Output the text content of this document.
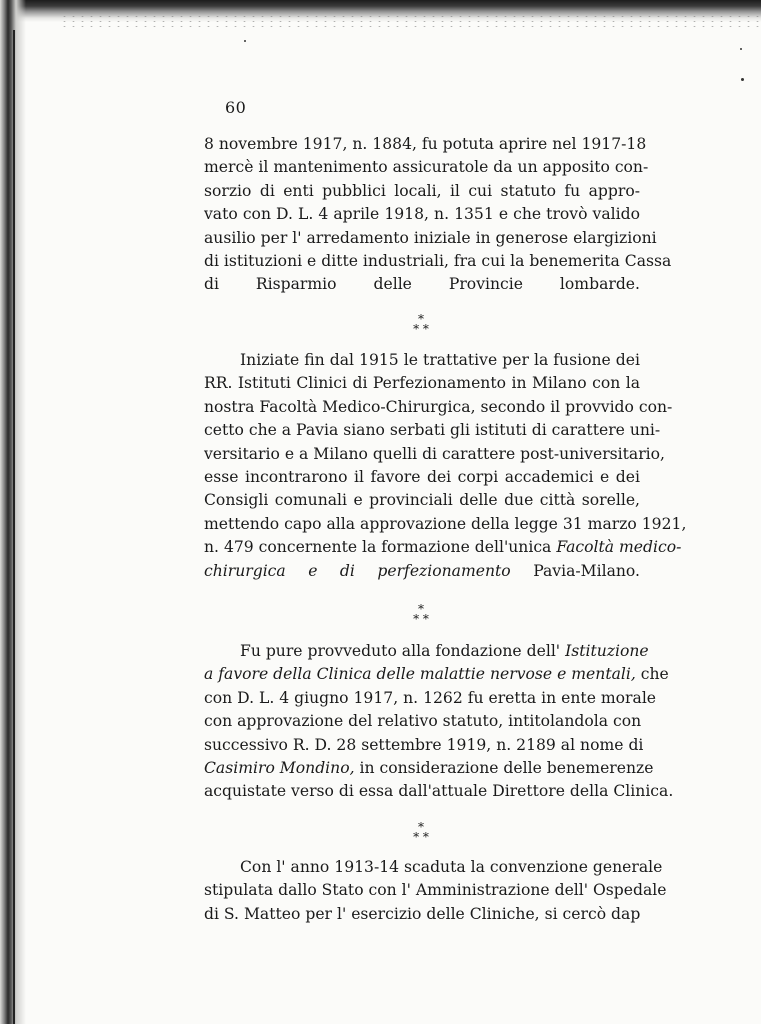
60
8 novembre 1917, n. 1884, fu potuta aprire nel 1917-18
mercè il mantenimento assicuratole da un apposito con-
sorzio di enti pubblici locali, il cui statuto fu appro-
vato con D. L. 4 aprile 1918, n. 1351 e che trovò valido
ausilio per l' arredamento iniziale in generose elargizioni
di istituzioni e ditte industriali, fra cui la benemerita Cassa
di Risparmio delle Provincie lombarde.
*
* *
Iniziate fin dal 1915 le trattative per la fusione dei
RR. Istituti Clinici di Perfezionamento in Milano con la
nostra Facoltà Medico-Chirurgica, secondo il provvido con-
cetto che a Pavia siano serbati gli istituti di carattere uni-
versitario e a Milano quelli di carattere post-universitario,
esse incontrarono il favore dei corpi accademici e dei
Consigli comunali e provinciali delle due città sorelle,
mettendo capo alla approvazione della legge 31 marzo 1921,
n. 479 concernente la formazione dell'unica Facoltà medico-
chirurgica e di perfezionamento Pavia-Milano.
*
* *
Fu pure provveduto alla fondazione dell' Istituzione
a favore della Clinica delle malattie nervose e mentali, che
con D. L. 4 giugno 1917, n. 1262 fu eretta in ente morale
con approvazione del relativo statuto, intitolandola con
successivo R. D. 28 settembre 1919, n. 2189 al nome di
Casimiro Mondino, in considerazione delle benemerenze
acquistate verso di essa dall'attuale Direttore della Clinica.
*
* *
Con l' anno 1913-14 scaduta la convenzione generale
stipulata dallo Stato con l' Amministrazione dell' Ospedale
di S. Matteo per l' esercizio delle Cliniche, si cercò dap
